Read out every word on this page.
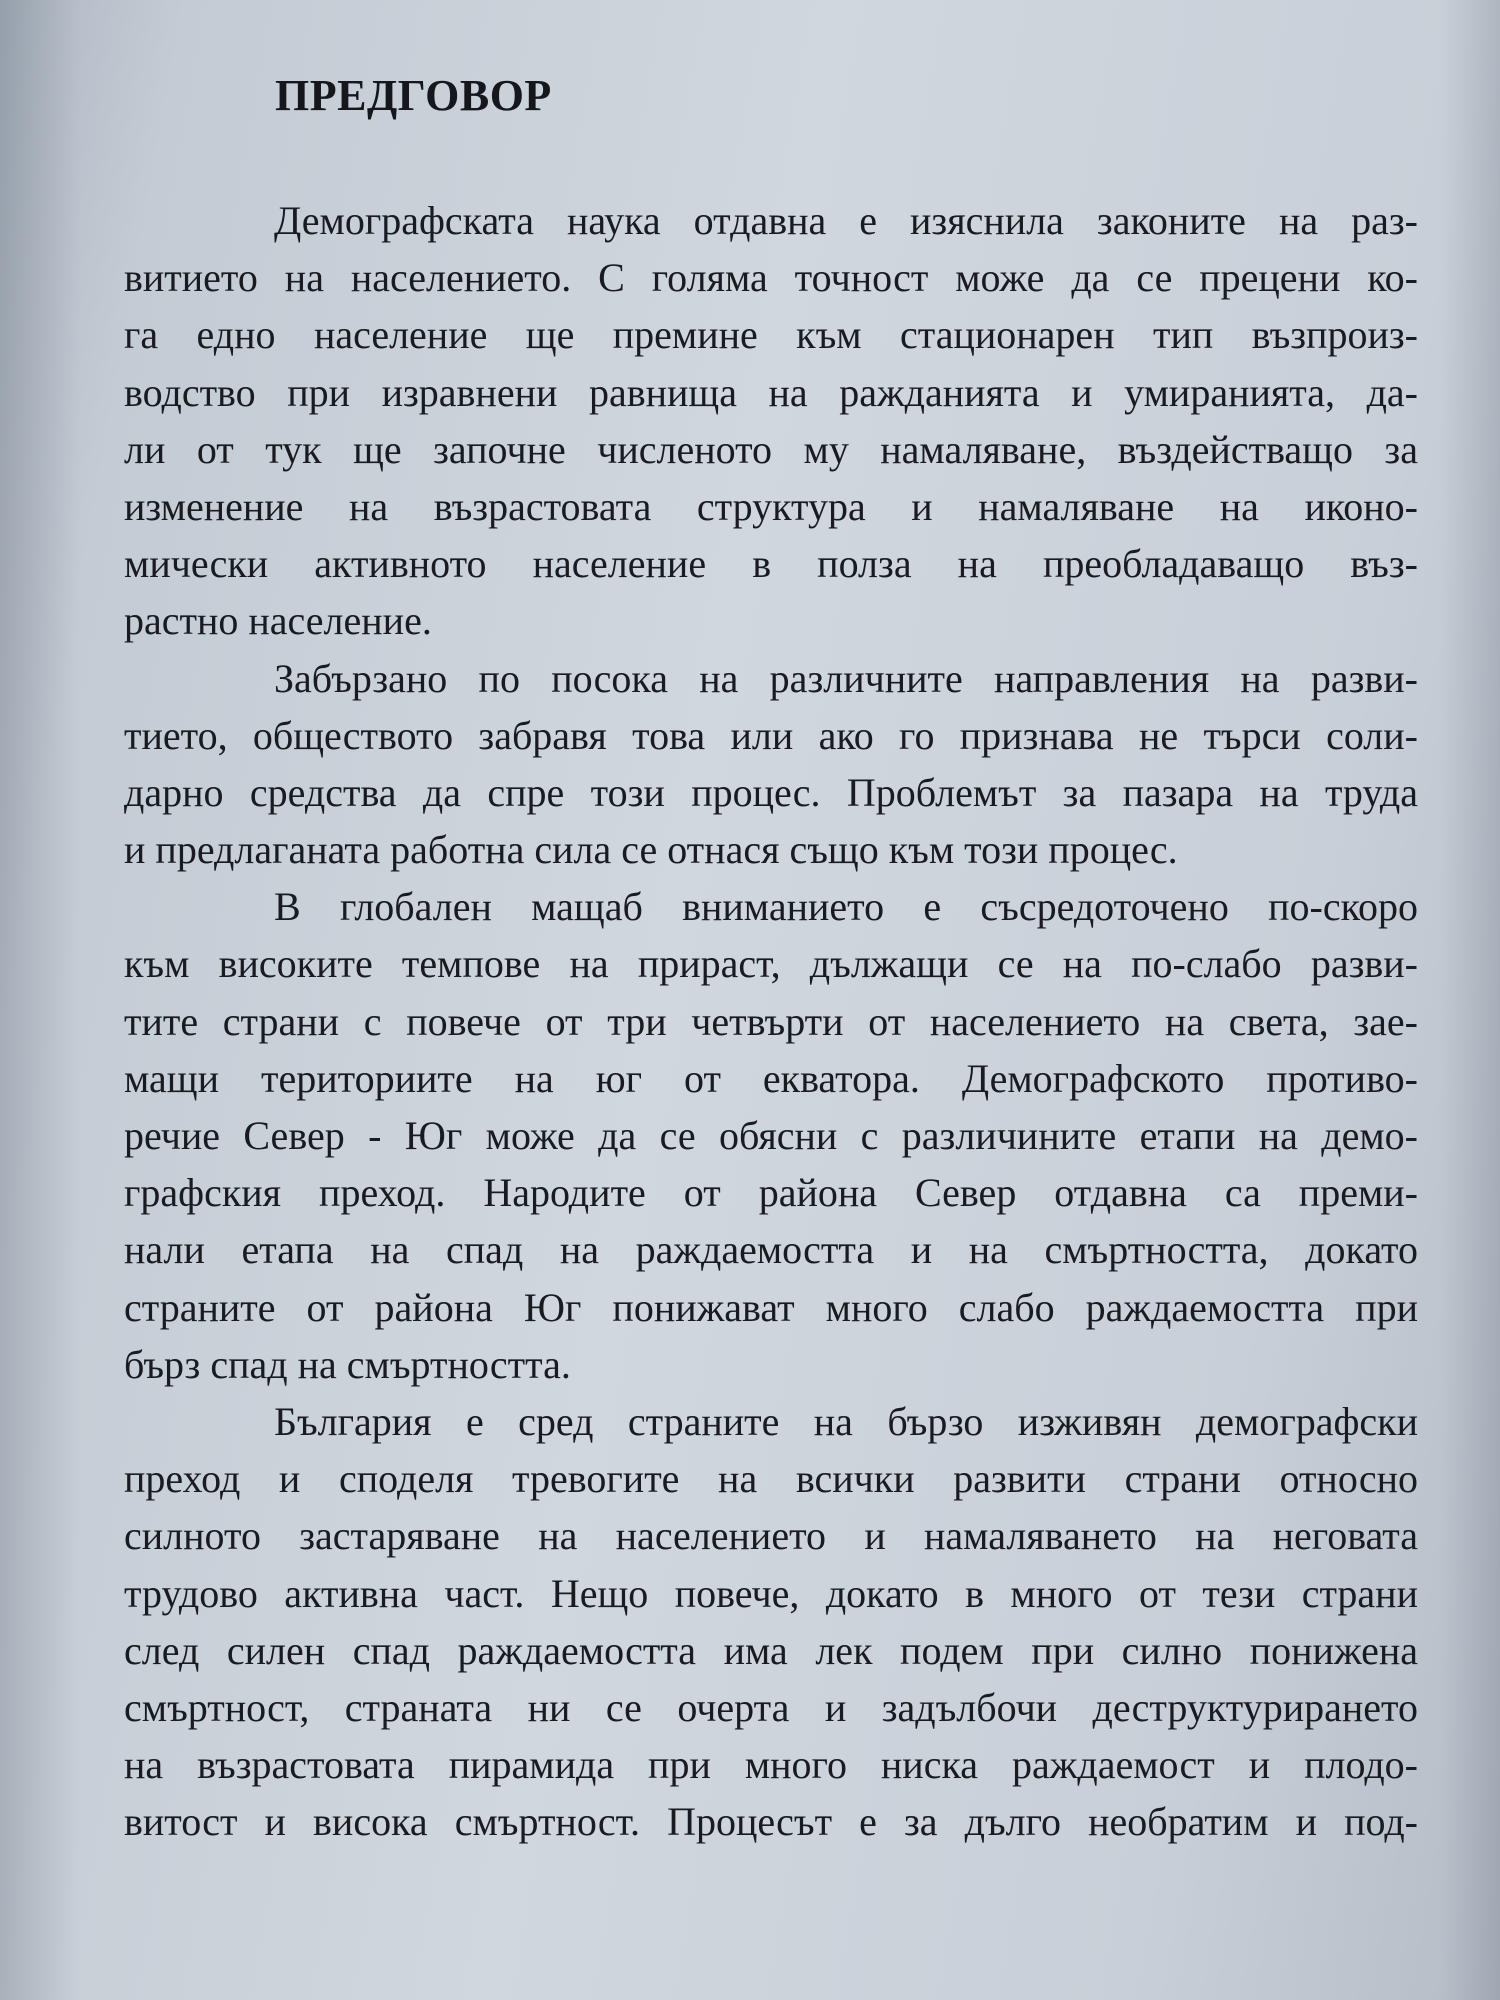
ПРЕДГОВОР
Демографската наука отдавна е изяснила законите на раз-
витието на населението. С голяма точност може да се прецени ко-
га едно население ще премине към стационарен тип възпроиз-
водство при изравнени равнища на ражданията и умиранията, да-
ли от тук ще започне численото му намаляване, въздействащо за
изменение на възрастовата структура и намаляване на иконо-
мически активното население в полза на преобладаващо въз-
растно население.
Забързано по посока на различните направления на разви-
тието, обществото забравя това или ако го признава не търси соли-
дарно средства да спре този процес. Проблемът за пазара на труда
и предлаганата работна сила се отнася също към този процес.
В глобален мащаб вниманието е съсредоточено по-скоро
към високите темпове на прираст, дължащи се на по-слабо разви-
тите страни с повече от три четвърти от населението на света, зае-
мащи териториите на юг от екватора. Демографското противо-
речие Север - Юг може да се обясни с различините етапи на демо-
графския преход. Народите от района Север отдавна са преми-
нали етапа на спад на раждаемостта и на смъртността, докато
страните от района Юг понижават много слабо раждаемостта при
бърз спад на смъртността.
България е сред страните на бързо изживян демографски
преход и споделя тревогите на всички развити страни относно
силното застаряване на населението и намаляването на неговата
трудово активна част. Нещо повече, докато в много от тези страни
след силен спад раждаемостта има лек подем при силно понижена
смъртност, страната ни се очерта и задълбочи деструктурирането
на възрастовата пирамида при много ниска раждаемост и плодо-
витост и висока смъртност. Процесът е за дълго необратим и под-
